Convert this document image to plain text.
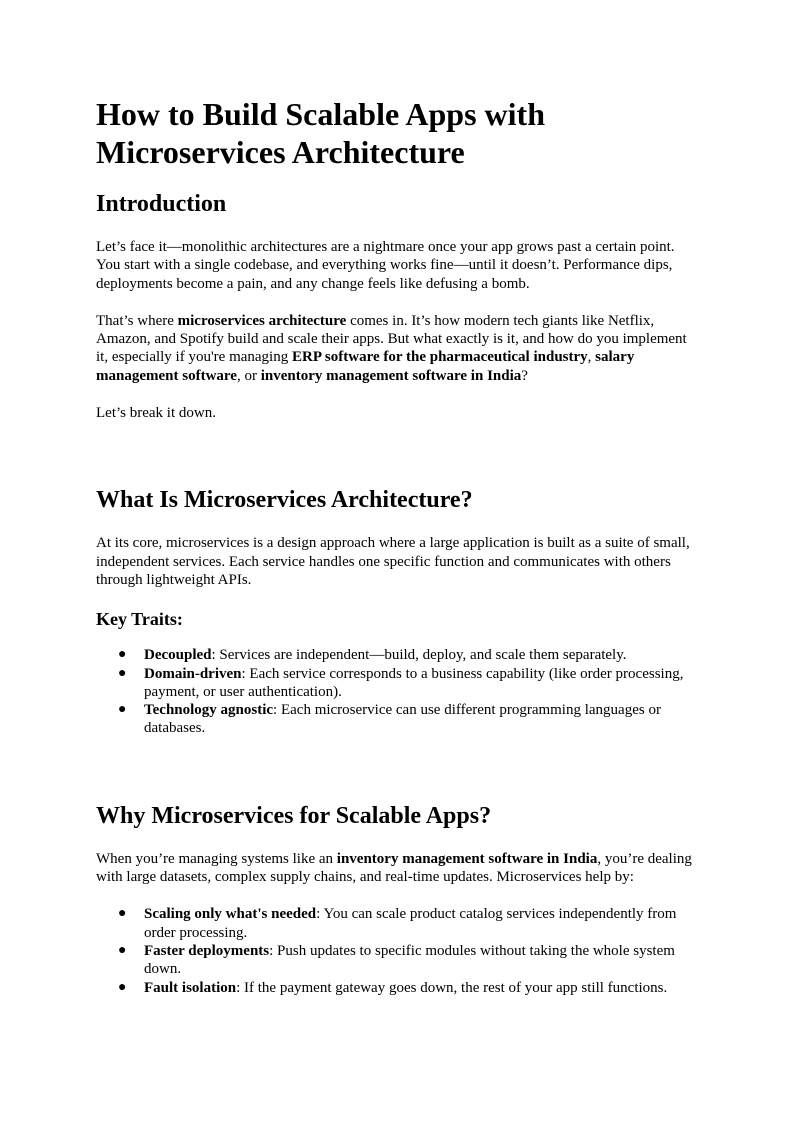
How to Build Scalable Apps with Microservices Architecture
Introduction

Let’s face it—monolithic architectures are a nightmare once your app grows past a certain point. You start with a single codebase, and everything works fine—until it doesn’t. Performance dips, deployments become a pain, and any change feels like defusing a bomb.

That’s where microservices architecture comes in. It’s how modern tech giants like Netflix, Amazon, and Spotify build and scale their apps. But what exactly is it, and how do you implement it, especially if you're managing ERP software for the pharmaceutical industry, salary management software, or inventory management software in India?

Let’s break it down.

What Is Microservices Architecture?

At its core, microservices is a design approach where a large application is built as a suite of small, independent services. Each service handles one specific function and communicates with others through lightweight APIs.

Key Traits:
● Decoupled: Services are independent—build, deploy, and scale them separately.
● Domain-driven: Each service corresponds to a business capability (like order processing, payment, or user authentication).
● Technology agnostic: Each microservice can use different programming languages or databases.
Why Microservices for Scalable Apps?

When you’re managing systems like an inventory management software in India, you’re dealing with large datasets, complex supply chains, and real-time updates. Microservices help by:

● Scaling only what's needed: You can scale product catalog services independently from order processing.
● Faster deployments: Push updates to specific modules without taking the whole system down.
● Fault isolation: If the payment gateway goes down, the rest of your app still functions.
